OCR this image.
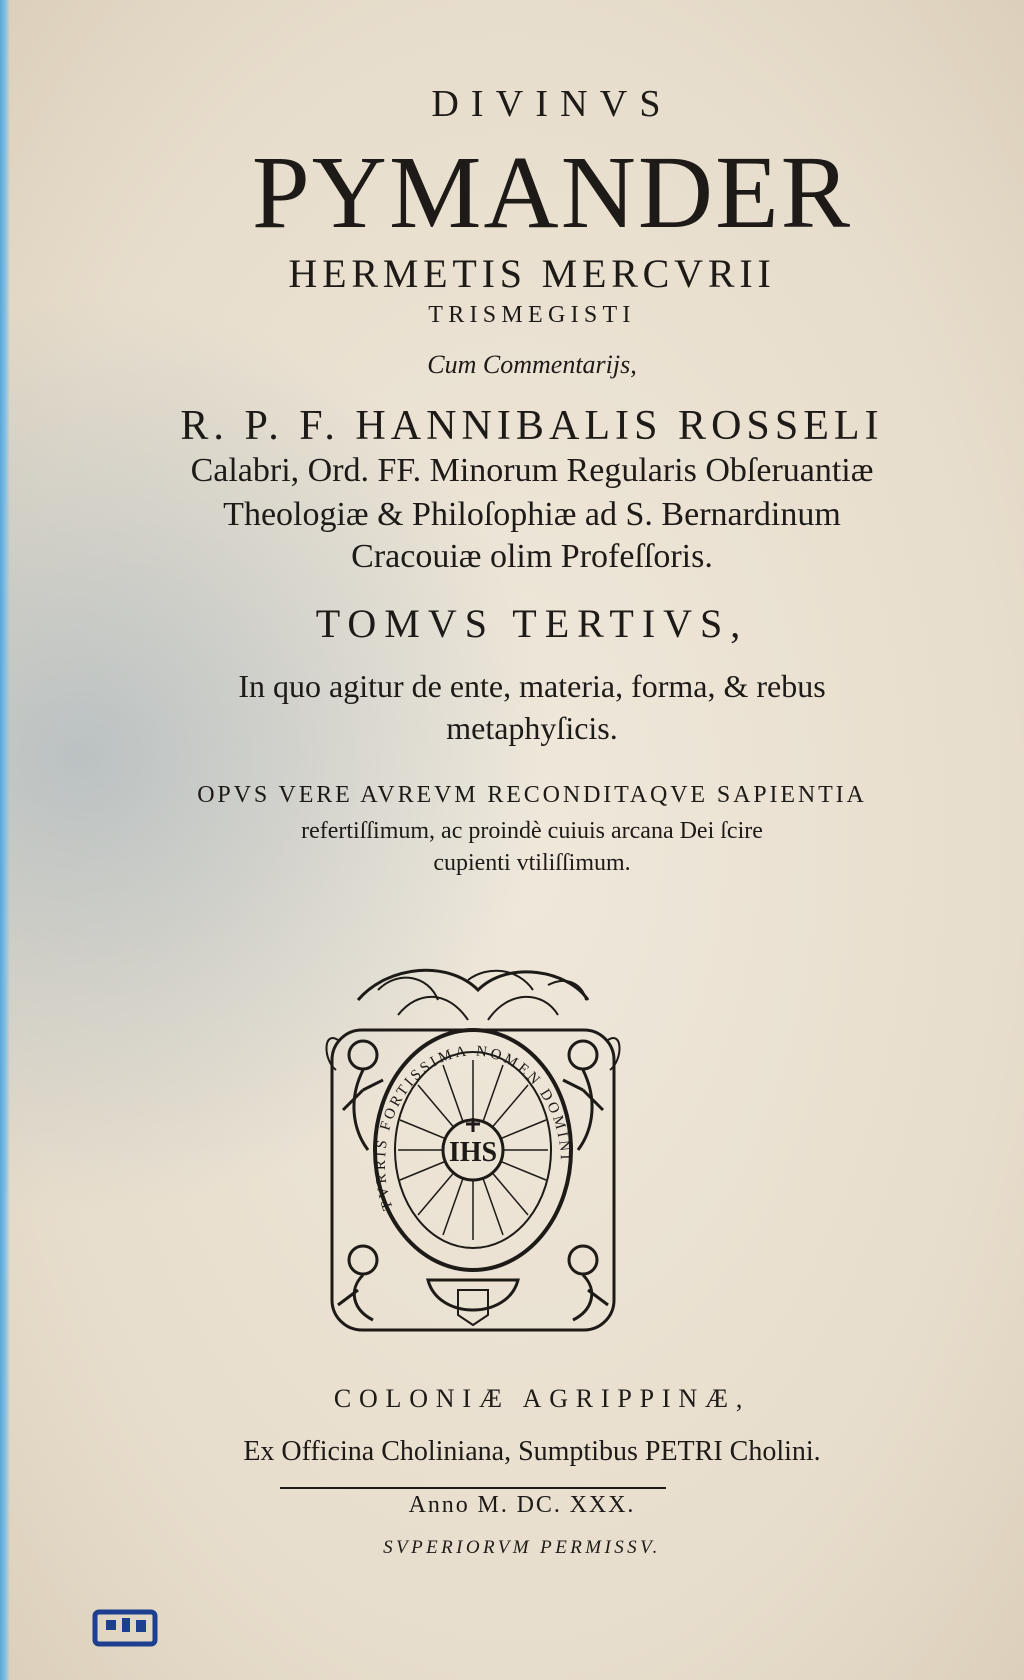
DIVINVS
PYMANDER
HERMETIS MERCVRII
TRISMEGISTI
Cum Commentarijs,
R. P. F. HANNIBALIS ROSSELI
Calabri, Ord. FF. Minorum Regularis Obſeruantiæ
Theologiæ & Philoſophiæ ad S. Bernardinum
Cracouiæ olim Profeſſoris.
TOMVS TERTIVS,
In quo agitur de ente, materia, forma, & rebus
metaphyſicis.
OPVS VERE AVREVM RECONDITAQVE SAPIENTIA
refertiſſimum, ac proindè cuiuis arcana Dei ſcire
cupienti vtiliſſimum.
IHS
TVRRIS FORTISSIMA NOMEN DOMINI
COLONIÆ AGRIPPINÆ,
Ex Officina Choliniana, Sumptibus PETRI Cholini.
Anno M. DC. XXX.
SVPERIORVM PERMISSV.
